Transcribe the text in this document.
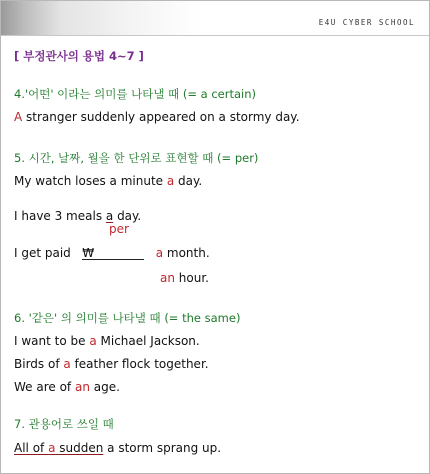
E4U CYBER SCHOOL
[ 부정관사의 용법 4~7 ]
4.'어떤' 이라는 의미를 나타낼 때 (= a certain)
A stranger suddenly appeared on a stormy day.
5. 시간, 날짜, 월을 한 단위로 표현할 때 (= per)
My watch loses a minute a day.
I have 3 meals a day.
per
I get paid   ₩	a month.
an hour.
6. '같은' 의 의미를 나타낼 때 (= the same)
I want to be a Michael Jackson.
Birds of a feather flock together.
We are of an age.
7. 관용어로 쓰일 때
All of a sudden a storm sprang up.
